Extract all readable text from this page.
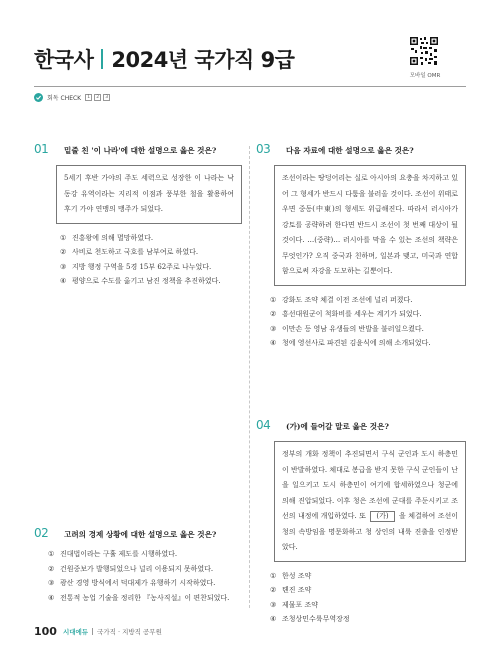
한국사 2024년 국가직 9급
모바일 OMR
회독 CHECK	1	2	3
01	밑줄 친 '이 나라'에 대한 설명으로 옳은 것은?
5세기 후반 가야의 주도 세력으로 성장한 이 나라는 낙동강 유역이라는 지리적 이점과 풍부한 철을 활용하여 후기 가야 연맹의 맹주가 되었다.
① 진흥왕에 의해 멸망하였다.
② 사비로 천도하고 국호를 남부여로 하였다.
③ 지방 행정 구역을 5경 15부 62주로 나누었다.
④ 평양으로 수도를 옮기고 남진 정책을 추진하였다.
02	고려의 경제 상황에 대한 설명으로 옳은 것은?
① 진대법이라는 구휼 제도를 시행하였다.
② 건원중보가 발행되었으나 널리 이용되지 못하였다.
③ 광산 경영 방식에서 덕대제가 유행하기 시작하였다.
④ 전통적 농업 기술을 정리한 『농사직설』이 편찬되었다.
03	다음 자료에 대한 설명으로 옳은 것은?
조선이라는 땅덩어리는 실로 아시아의 요충을 차지하고 있어 그 형세가 반드시 다툼을 불러올 것이다. 조선이 위태로우면 중동(中東)의 형세도 위급해진다. 따라서 러시아가 강토를 공략하려 한다면 반드시 조선이 첫 번째 대상이 될 것이다. …(중략)… 러시아를 막을 수 있는 조선의 책략은 무엇인가? 오직 중국과 친하며, 일본과 맺고, 미국과 연합함으로써 자강을 도모하는 길뿐이다.
① 강화도 조약 체결 이전 조선에 널리 퍼졌다.
② 흥선대원군이 척화비를 세우는 계기가 되었다.
③ 이만손 등 영남 유생들의 반발을 불러일으켰다.
④ 청에 영선사로 파견된 김윤식에 의해 소개되었다.
04	(가)에 들어갈 말로 옳은 것은?
정부의 개화 정책이 추진되면서 구식 군인과 도시 하층민이 반발하였다. 체대로 봉급을 받지 못한 구식 군인들이 난을 일으키고 도시 하층민이 여기에 합세하였으나 청군에 의해 진압되었다. 이후 청은 조선에 군대를 주둔시키고 조선의 내정에 개입하였다. 또 (가) 을 체결하여 조선이 청의 속방임을 명문화하고 청 상인의 내륙 진출을 인정받았다.
① 한성 조약
② 톈진 조약
③ 제물포 조약
④ 조청상민수륙무역장정
100 시대에듀 국가직 · 지방직 공무원
